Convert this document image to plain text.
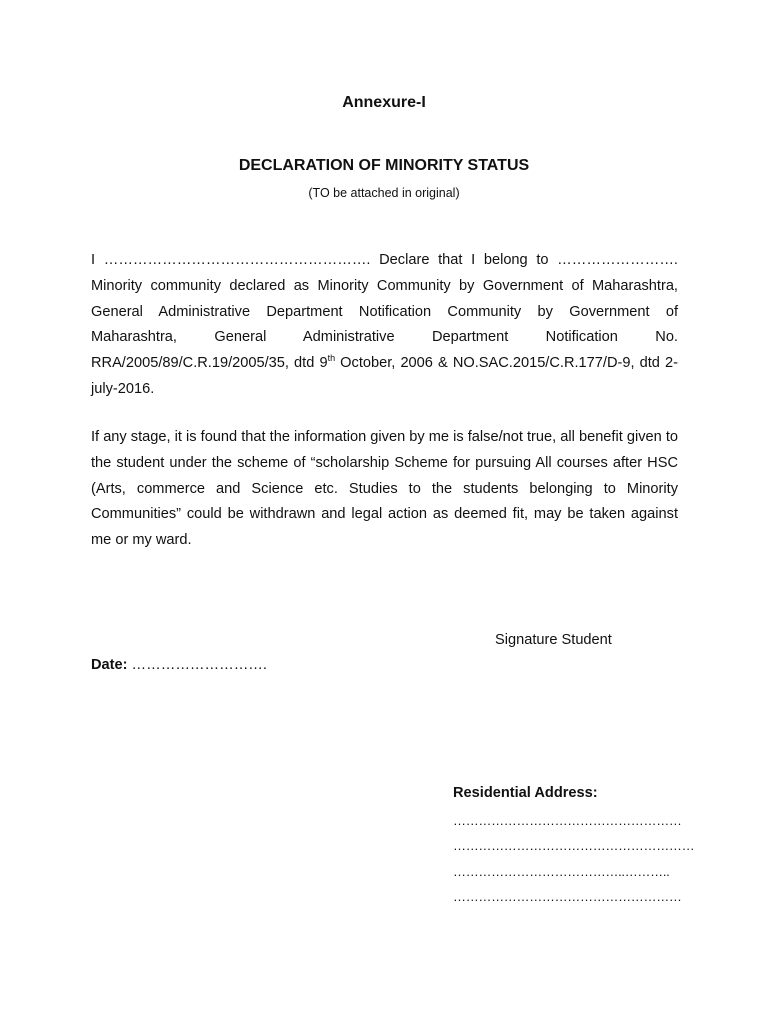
Annexure-I
DECLARATION OF MINORITY STATUS
(TO be attached in original)

I ………………………………………………. Declare that I belong to ……………………. Minority community declared as Minority Community by Government of Maharashtra, General Administrative Department Notification Community by Government of Maharashtra, General Administrative Department Notification No. RRA/2005/89/C.R.19/2005/35, dtd 9th October, 2006 & NO.SAC.2015/C.R.177/D-9, dtd 2-july-2016.

If any stage, it is found that the information given by me is false/not true, all benefit given to the student under the scheme of “scholarship Scheme for pursuing All courses after HSC (Arts, commerce and Science etc. Studies to the students belonging to Minority Communities” could be withdrawn and legal action as deemed fit, may be taken against me or my ward.

Signature Student
Date: ……………………….
Residential Address:
………………………………………………
…………………………………………………
…………………………………..………..
………………………………………………
